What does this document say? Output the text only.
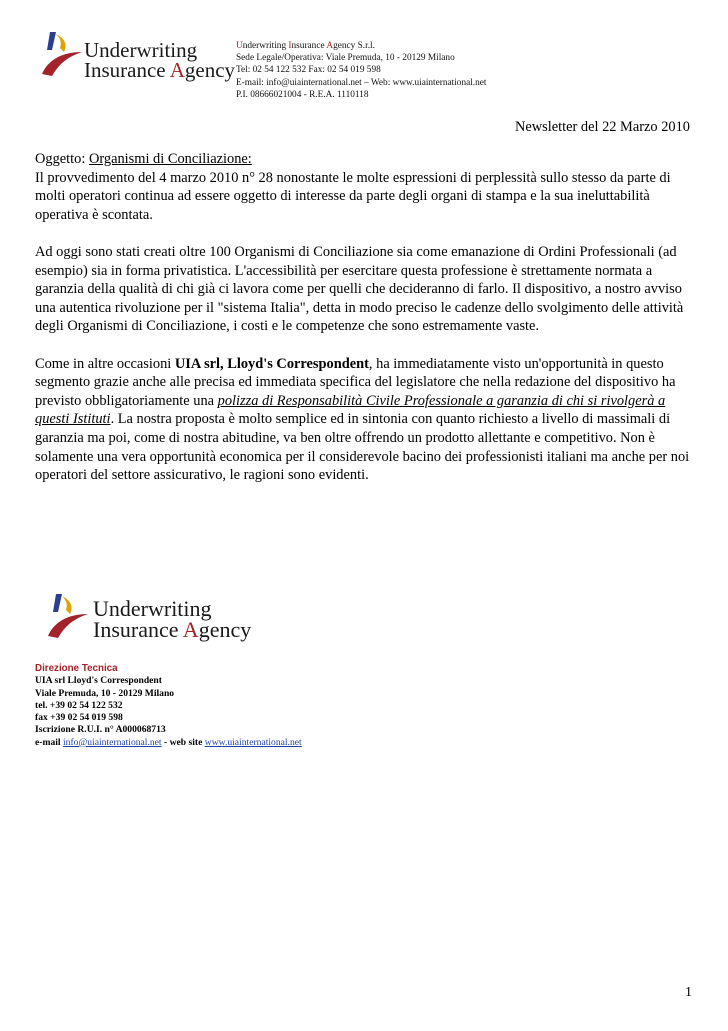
Underwriting
Insurance Agency
Underwriting Insurance Agency S.r.l.
Sede Legale/Operativa: Viale Premuda, 10 - 20129 Milano
Tel: 02 54 122 532 Fax: 02 54 019 598
E-mail: info@uiainternational.net – Web: www.uiainternational.net
P.I. 08666021004 - R.E.A. 1110118
Newsletter del 22 Marzo 2010

Oggetto: Organismi di Conciliazione:
Il provvedimento del 4 marzo 2010 n° 28 nonostante le molte espressioni di perplessità sullo stesso da parte di molti operatori continua ad essere oggetto di interesse da parte degli organi di stampa e la sua ineluttabilità operativa è scontata.

Ad oggi sono stati creati oltre 100 Organismi di Conciliazione sia come emanazione di Ordini Professionali (ad esempio) sia in forma privatistica. L'accessibilità per esercitare questa professione è strettamente normata a garanzia della qualità di chi già ci lavora come per quelli che decideranno di farlo. Il dispositivo, a nostro avviso una autentica rivoluzione per il "sistema Italia", detta in modo preciso le cadenze dello svolgimento delle attività degli Organismi di Conciliazione, i costi e le competenze che sono estremamente vaste.

Come in altre occasioni UIA srl, Lloyd's Correspondent, ha immediatamente visto un'opportunità in questo segmento grazie anche alle precisa ed immediata specifica del legislatore che nella redazione del dispositivo ha previsto obbligatoriamente una polizza di Responsabilità Civile Professionale a garanzia di chi si rivolgerà a questi Istituti. La nostra proposta è molto semplice ed in sintonia con quanto richiesto a livello di massimali di garanzia ma poi, come di nostra abitudine, va ben oltre offrendo un prodotto allettante e competitivo. Non è solamente una vera opportunità economica per il considerevole bacino dei professionisti italiani ma anche per noi operatori del settore assicurativo, le ragioni sono evidenti.

Underwriting
Insurance Agency
Direzione Tecnica
UIA srl Lloyd's Correspondent
Viale Premuda, 10 - 20129 Milano
tel. +39 02 54 122 532
fax +39 02 54 019 598
Iscrizione R.U.I. n° A000068713
e-mail info@uiainternational.net - web site www.uiainternational.net
1
